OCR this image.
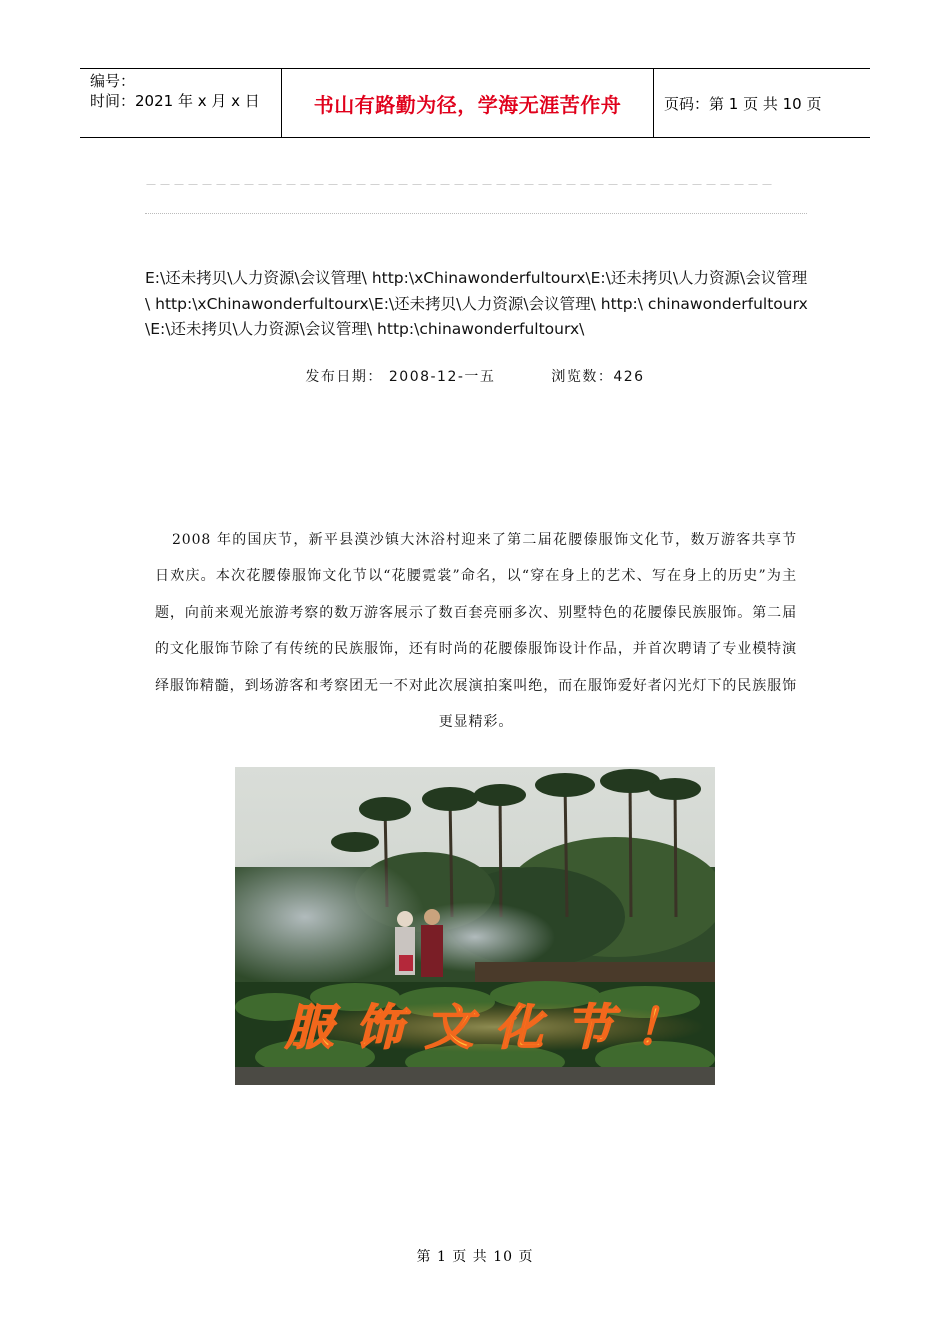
编号：
时间：2021 年 x 月 x 日	书山有路勤为径，学海无涯苦作舟	页码：第 1 页 共 10 页
－－－－－－－－－－－－－－－－－－－－－－－－－－－－－－－－－－－－－－－－－－－－－
E:\还未拷贝\人力资源\会议管理\ http:\xChinawonderfultourx\E:\还未拷贝\人力资源\会议管理\ http:\xChinawonderfultourx\E:\还未拷贝\人力资源\会议管理\ http:\ chinawonderfultourx\E:\还未拷贝\人力资源\会议管理\ http:\chinawonderfultourx\
发布日期： 2008-12-一五	浏览数：426
2008 年的国庆节，新平县漠沙镇大沐浴村迎来了第二届花腰傣服饰文化节，数万游客共享节日欢庆。本次花腰傣服饰文化节以“花腰霓裳”命名，以“穿在身上的艺术、写在身上的历史”为主题，向前来观光旅游考察的数万游客展示了数百套亮丽多次、别墅特色的花腰傣民族服饰。第二届的文化服饰节除了有传统的民族服饰，还有时尚的花腰傣服饰设计作品，并首次聘请了专业模特演绎服饰精髓，到场游客和考察团无一不对此次展演拍案叫绝，而在服饰爱好者闪光灯下的民族服饰更显精彩。
服饰文化节！
第 1 页 共 10 页
